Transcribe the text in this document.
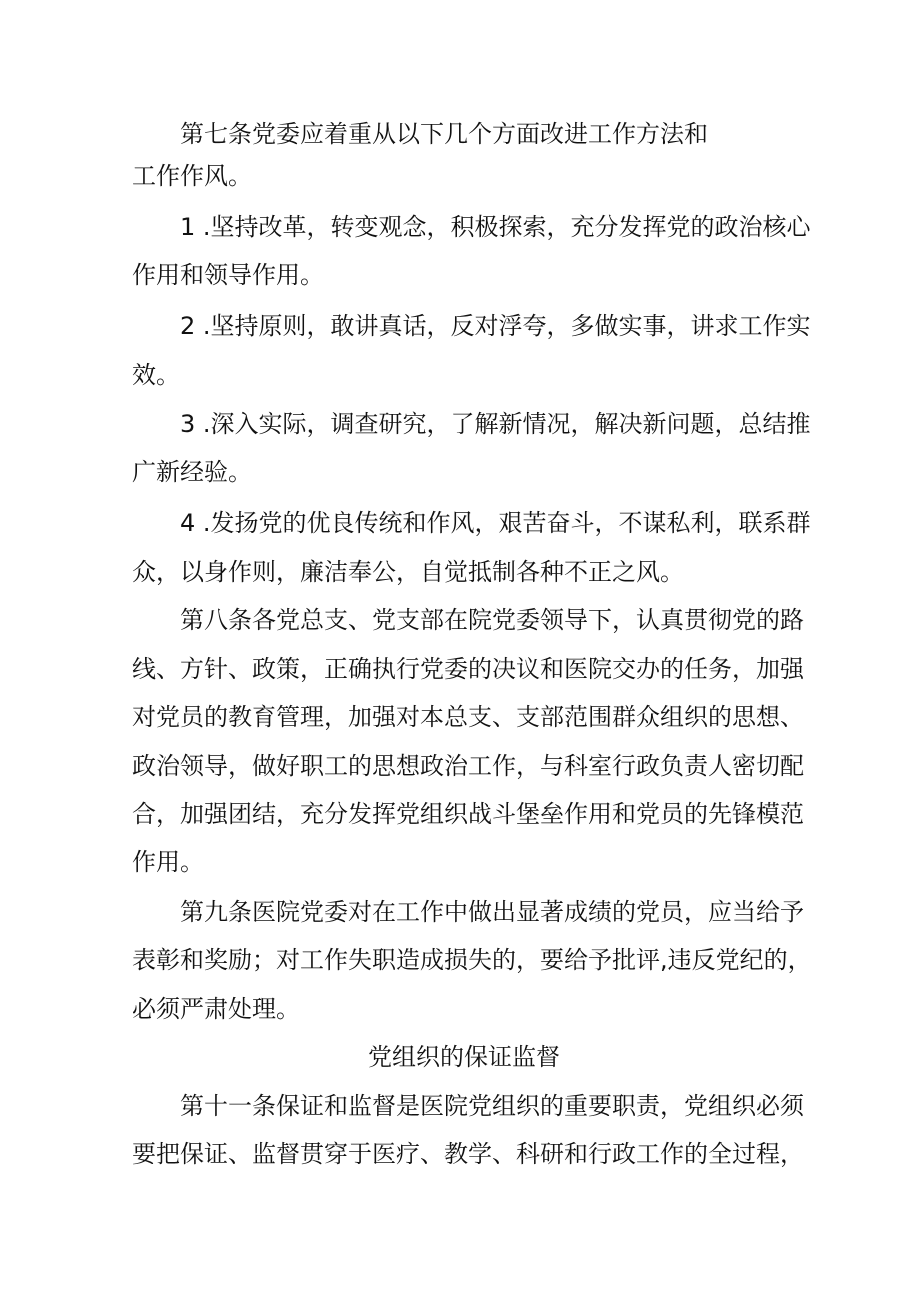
第七条党委应着重从以下几个方面改进工作方法和
工作作风。
1 .坚持改革，转变观念，积极探索，充分发挥党的政治核心
作用和领导作用。
2 .坚持原则，敢讲真话，反对浮夸，多做实事，讲求工作实
效。
3 .深入实际，调查研究，了解新情况，解决新问题，总结推
广新经验。
4 .发扬党的优良传统和作风，艰苦奋斗，不谋私利，联系群
众，以身作则，廉洁奉公，自觉抵制各种不正之风。
第八条各党总支、党支部在院党委领导下，认真贯彻党的路
线、方针、政策，正确执行党委的决议和医院交办的任务，加强
对党员的教育管理，加强对本总支、支部范围群众组织的思想、
政治领导，做好职工的思想政治工作，与科室行政负责人密切配
合，加强团结，充分发挥党组织战斗堡垒作用和党员的先锋模范
作用。
第九条医院党委对在工作中做出显著成绩的党员，应当给予
表彰和奖励；对工作失职造成损失的，要给予批评,违反党纪的，
必须严肃处理。
党组织的保证监督
第十一条保证和监督是医院党组织的重要职责，党组织必须
要把保证、监督贯穿于医疗、教学、科研和行政工作的全过程，
